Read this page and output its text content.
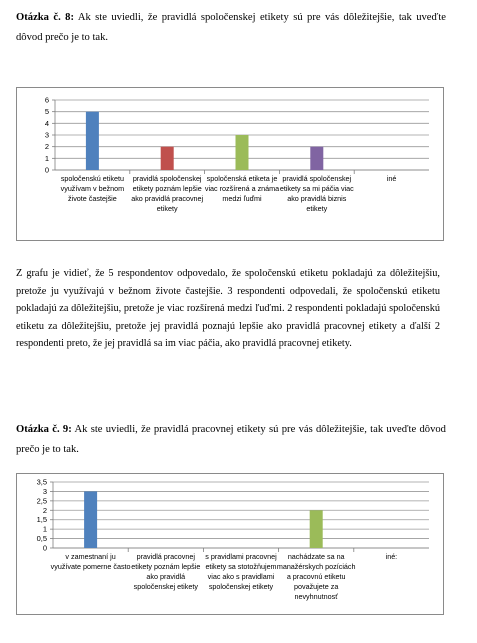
Otázka č. 8: Ak ste uviedli, že pravidlá spoločenskej etikety sú pre vás dôležitejšie, tak uveďte dôvod prečo je to tak.
0
1
2
3
4
5
6
spoločenskú etiketu využívam v bežnom živote častejšie
pravidlá spoločenskej etikety poznám lepšie ako pravidlá pracovnej etikety
spoločenská etiketa je viac rozšírená a známa medzi ľuďmi
pravidlá spoločenskej etikety sa mi páčia viac ako pravidlá biznis etikety
iné
Z grafu je vidieť, že 5 respondentov odpovedalo, že spoločenskú etiketu pokladajú za dôležitejšiu, pretože ju využívajú v bežnom živote častejšie. 3 respondenti odpovedali, že spoločenskú etiketu pokladajú za dôležitejšiu, pretože je viac rozšírená medzi ľuďmi. 2 respondenti pokladajú spoločenskú etiketu za dôležitejšiu, pretože jej pravidlá poznajú lepšie ako pravidlá pracovnej etikety a ďalší 2 respondenti preto, že jej pravidlá sa im viac páčia, ako pravidlá pracovnej etikety.
Otázka č. 9: Ak ste uviedli, že pravidlá pracovnej etikety sú pre vás dôležitejšie, tak uveďte dôvod prečo je to tak.
0
0,5
1
1,5
2
2,5
3
3,5
v zamestnaní ju využívate pomerne často
pravidlá pracovnej etikety poznám lepšie ako pravidlá spoločenskej etikety
s pravidlami pracovnej etikety sa stotožňujem viac ako s pravidlami spoločenskej etikety
nachádzate sa na manažérskych pozíciách a pracovnú etiketu považujete za nevyhnutnosť
iné:
